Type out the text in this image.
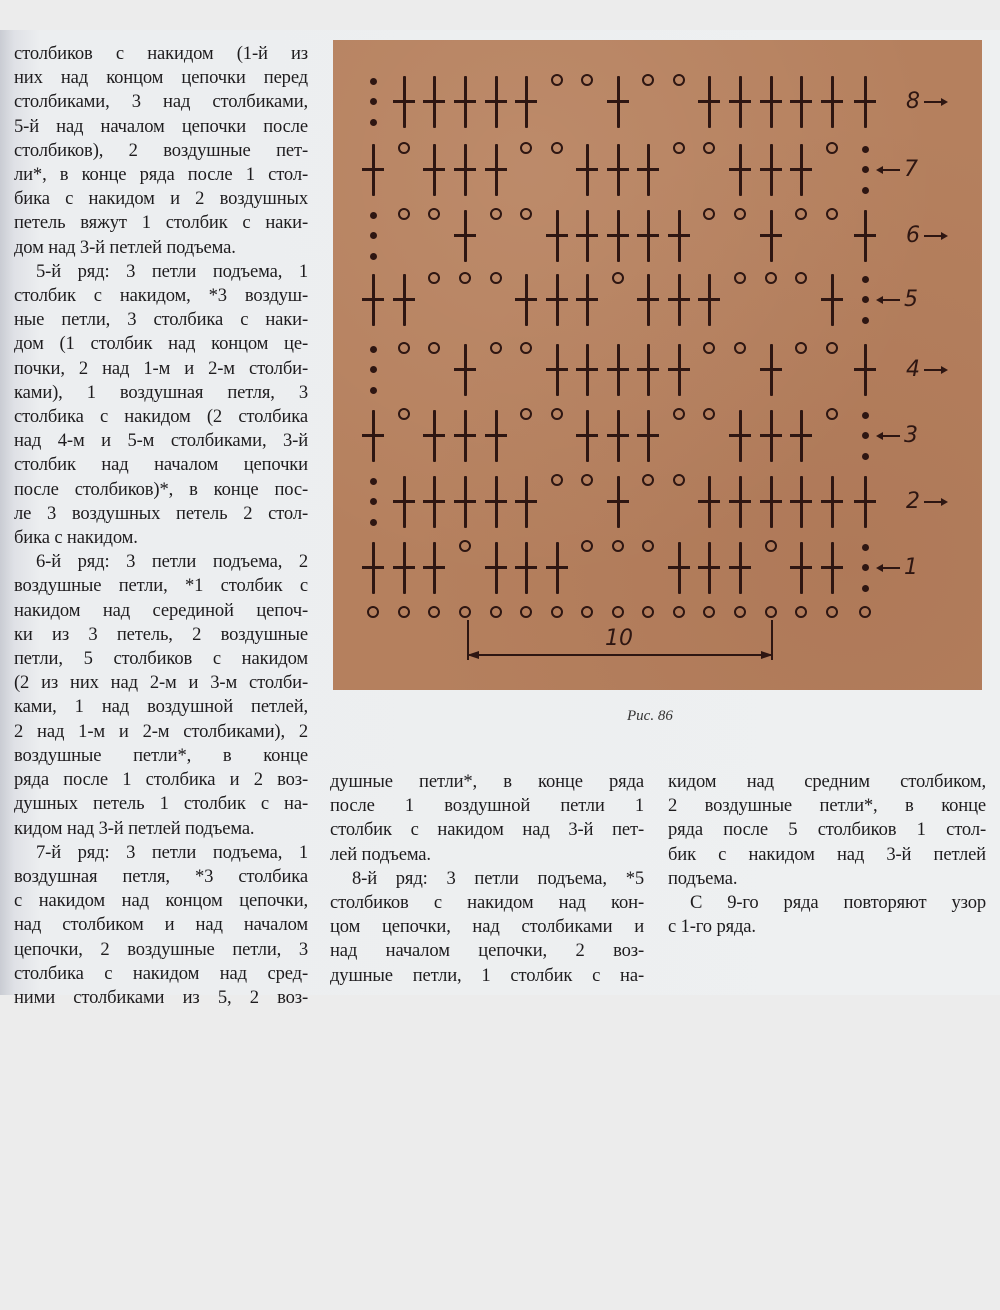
столбиков с накидом (1-й из

них над концом цепочки перед

столбиками, 3 над столбиками,

5-й над началом цепочки после

столбиков), 2 воздушные пет-

ли*, в конце ряда после 1 стол-

бика с накидом и 2 воздушных

петель вяжут 1 столбик с наки-

дом над 3-й петлей подъема.

5-й ряд: 3 петли подъема, 1

столбик с накидом, *3 воздуш-

ные петли, 3 столбика с наки-

дом (1 столбик над концом це-

почки, 2 над 1-м и 2-м столби-

ками), 1 воздушная петля, 3

столбика с накидом (2 столбика

над 4-м и 5-м столбиками, 3-й

столбик над началом цепочки

после столбиков)*, в конце пос-

ле 3 воздушных петель 2 стол-

бика с накидом.

6-й ряд: 3 петли подъема, 2

воздушные петли, *1 столбик с

накидом над серединой цепоч-

ки из 3 петель, 2 воздушные

петли, 5 столбиков с накидом

(2 из них над 2-м и 3-м столби-

ками, 1 над воздушной петлей,

2 над 1-м и 2-м столбиками), 2

воздушные петли*, в конце

ряда после 1 столбика и 2 воз-

душных петель 1 столбик с на-

кидом над 3-й петлей подъема.

7-й ряд: 3 петли подъема, 1

воздушная петля, *3 столбика

с накидом над концом цепочки,

над столбиком и над началом

цепочки, 2 воздушные петли, 3

столбика с накидом над сред-

ними столбиками из 5, 2 воз-

8
7
6
5
4
3
2
1
10
Рис. 86

душные петли*, в конце ряда

после 1 воздушной петли 1

столбик с накидом над 3-й пет-

лей подъема.

8-й ряд: 3 петли подъема, *5

столбиков с накидом над кон-

цом цепочки, над столбиками и

над началом цепочки, 2 воз-

душные петли, 1 столбик с на-

кидом над средним столбиком,

2 воздушные петли*, в конце

ряда после 5 столбиков 1 стол-

бик с накидом над 3-й петлей

подъема.

С 9-го ряда повторяют узор

с 1-го ряда.
